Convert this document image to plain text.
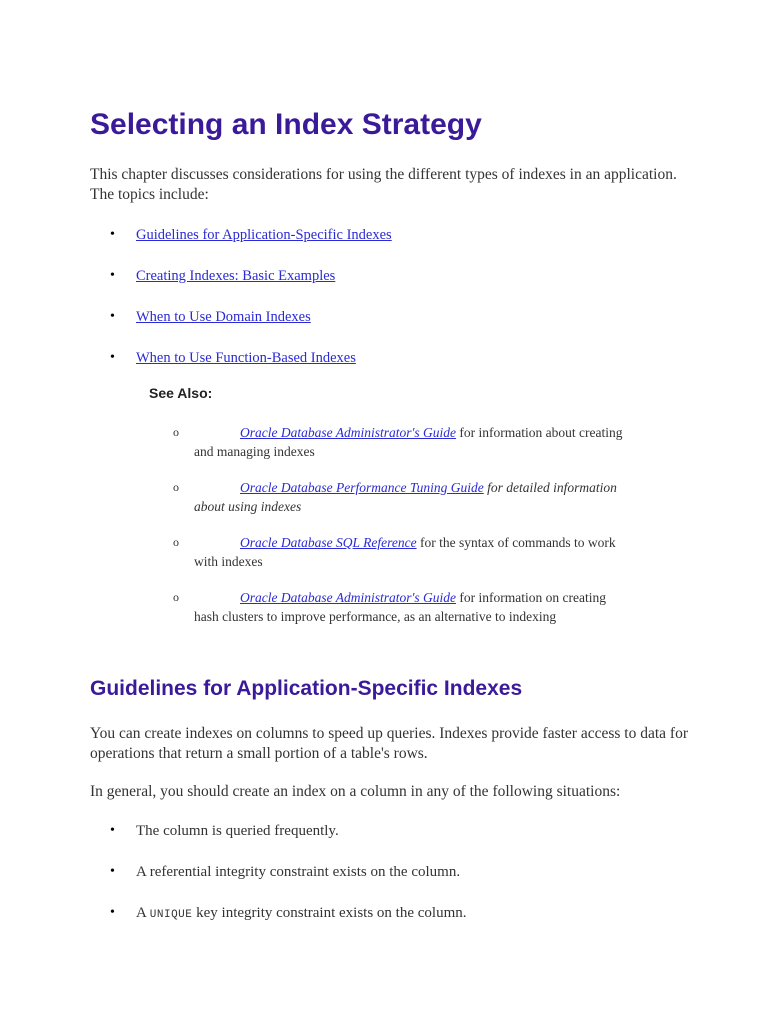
Selecting an Index Strategy

This chapter discusses considerations for using the different types of indexes in an application. The topics include:

•	Guidelines for Application-Specific Indexes
•	Creating Indexes: Basic Examples
•	When to Use Domain Indexes
•	When to Use Function-Based Indexes
See Also:
o	Oracle Database Administrator's Guide for information about creating and managing indexes
o	Oracle Database Performance Tuning Guide for detailed information about using indexes
o	Oracle Database SQL Reference for the syntax of commands to work with indexes
o	Oracle Database Administrator's Guide for information on creating hash clusters to improve performance, as an alternative to indexing
Guidelines for Application-Specific Indexes

You can create indexes on columns to speed up queries. Indexes provide faster access to data for operations that return a small portion of a table's rows.

In general, you should create an index on a column in any of the following situations:

•	The column is queried frequently.
•	A referential integrity constraint exists on the column.
•	A UNIQUE key integrity constraint exists on the column.
